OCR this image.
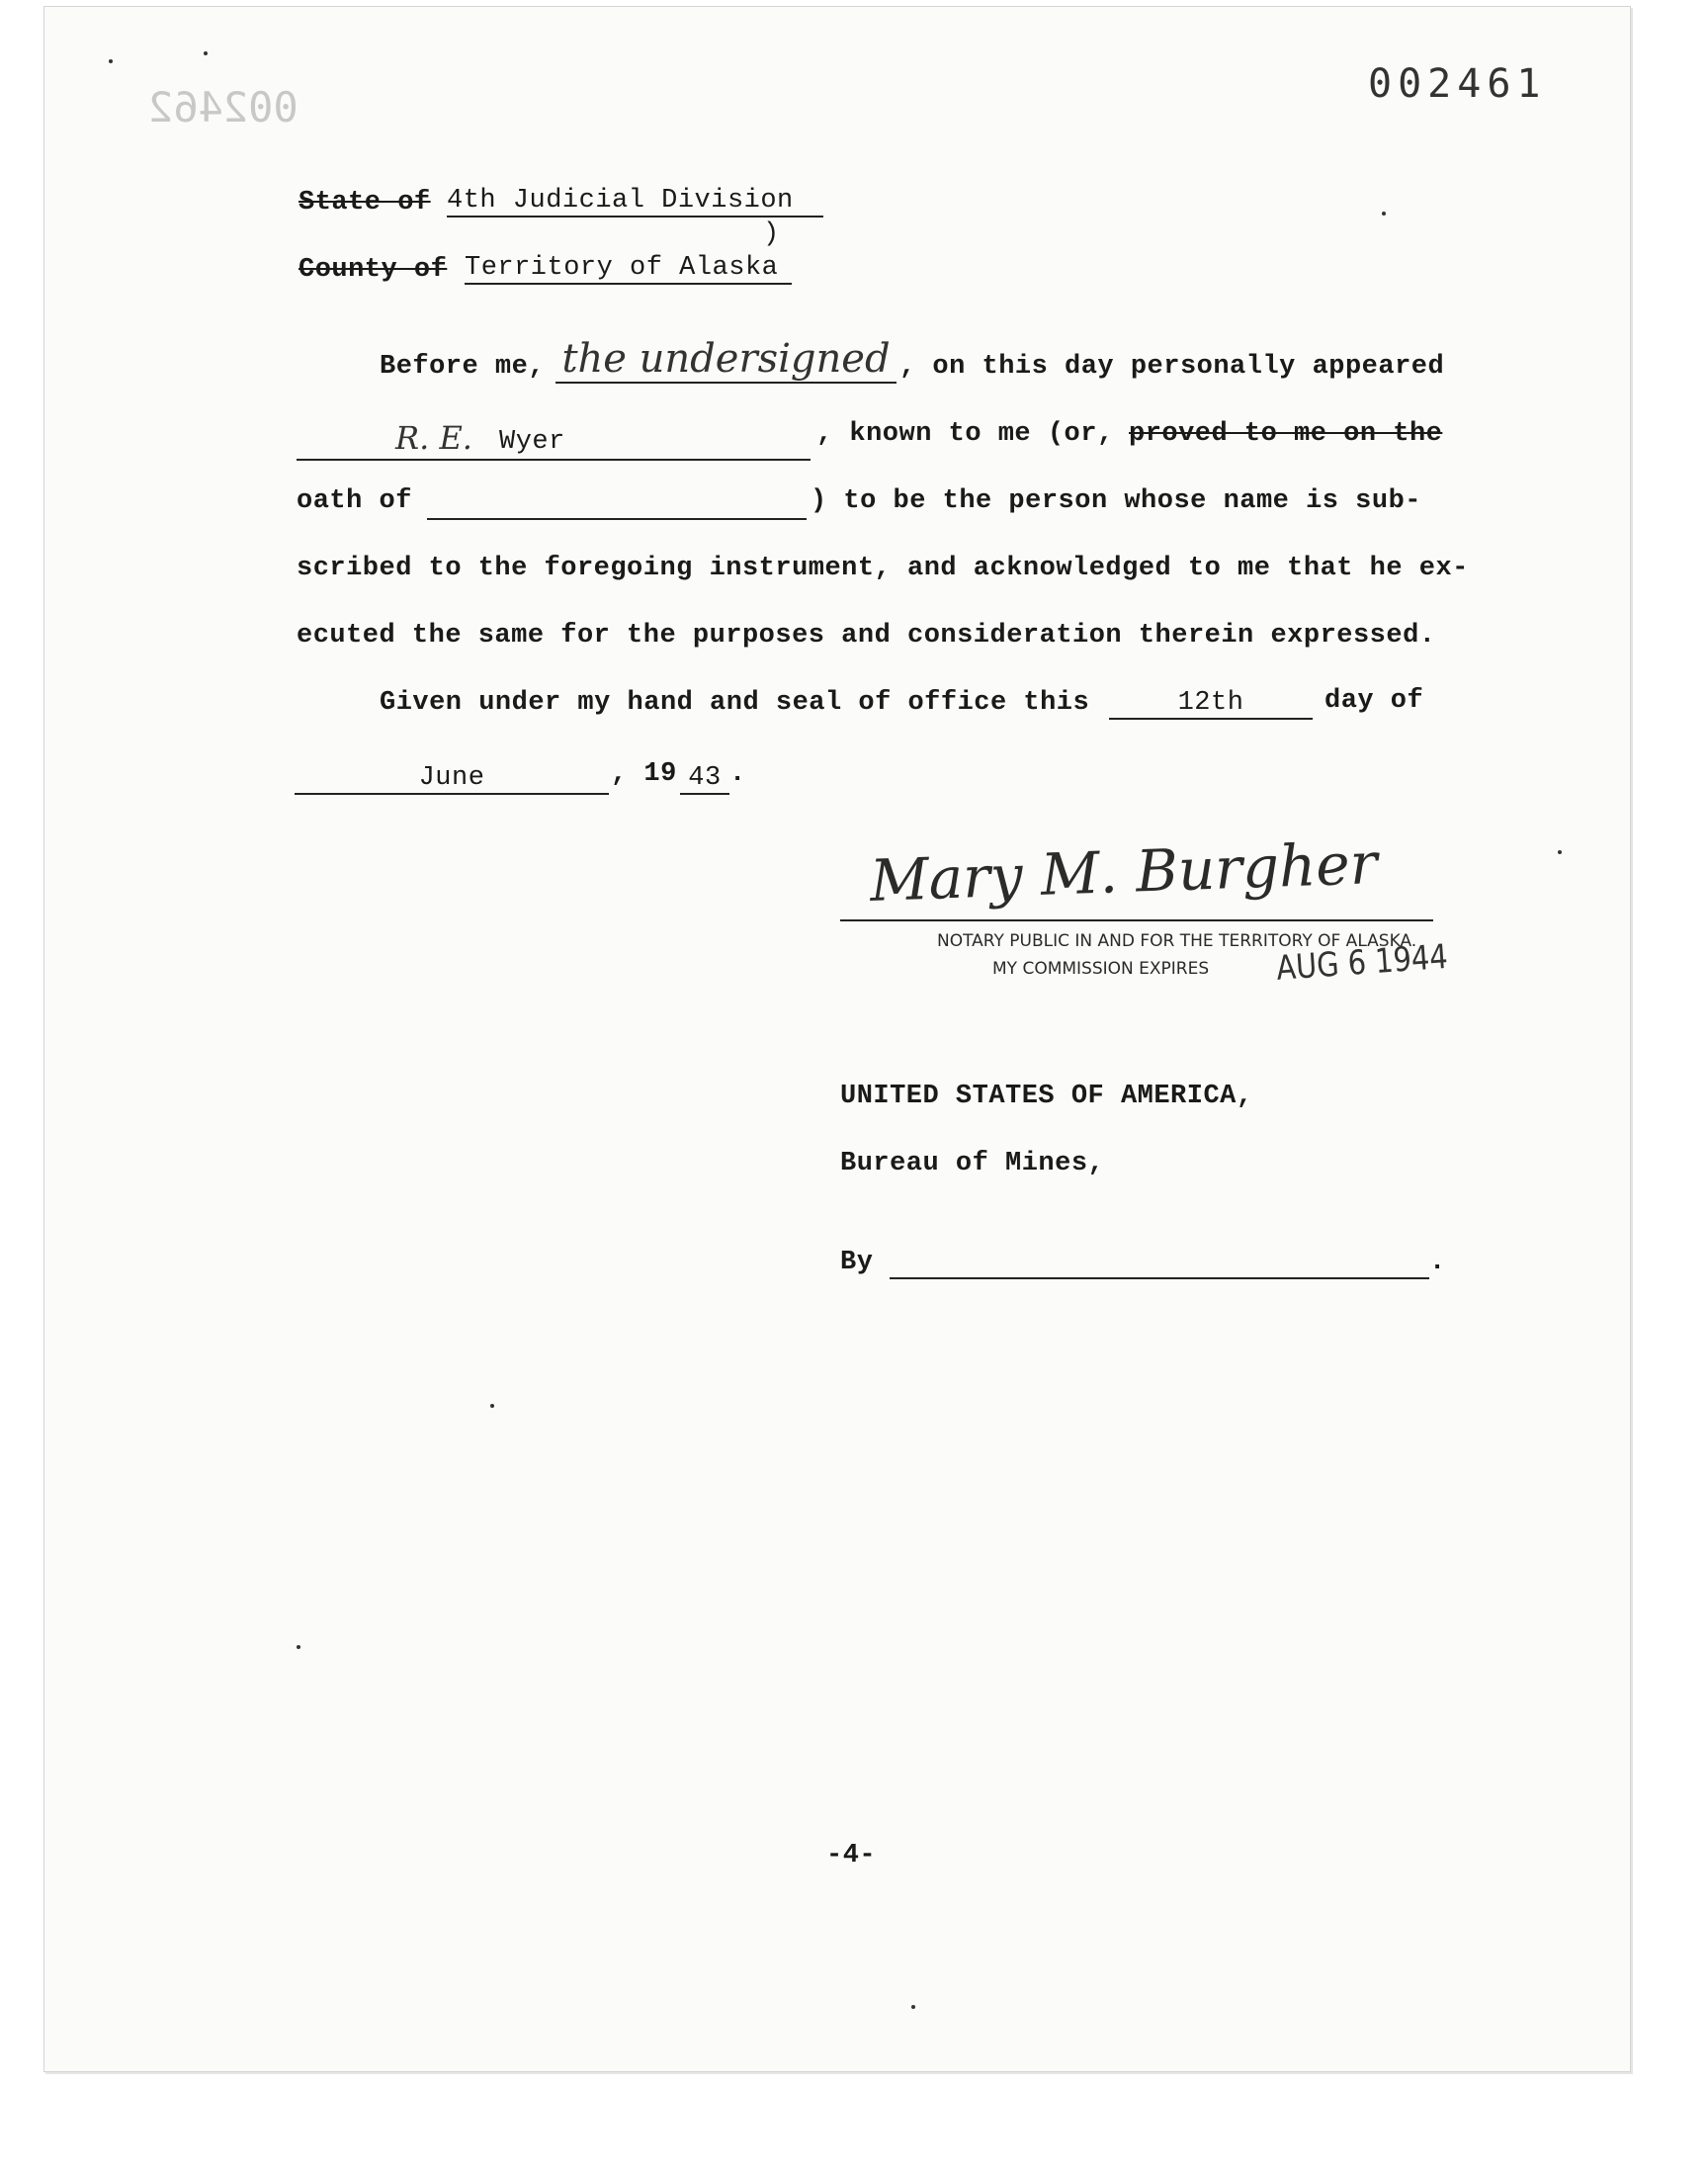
002462	002461
State of 4th Judicial Division
)
County of Territory of Alaska
Before me, the undersigned , on this day personally appeared
R. E. Wyer	, known to me (or, proved to me on the
oath of	) to be the person whose name is sub-
scribed to the foregoing instrument, and acknowledged to me that he ex-
ecuted the same for the purposes and consideration therein expressed.
Given under my hand and seal of office this	12th	day of
June	, 19 43 .
Mary M. Burgher
NOTARY PUBLIC IN AND FOR THE TERRITORY OF ALASKA.
MY COMMISSION EXPIRES AUG 6 1944
UNITED STATES OF AMERICA,
Bureau of Mines,
By	.
-4-
